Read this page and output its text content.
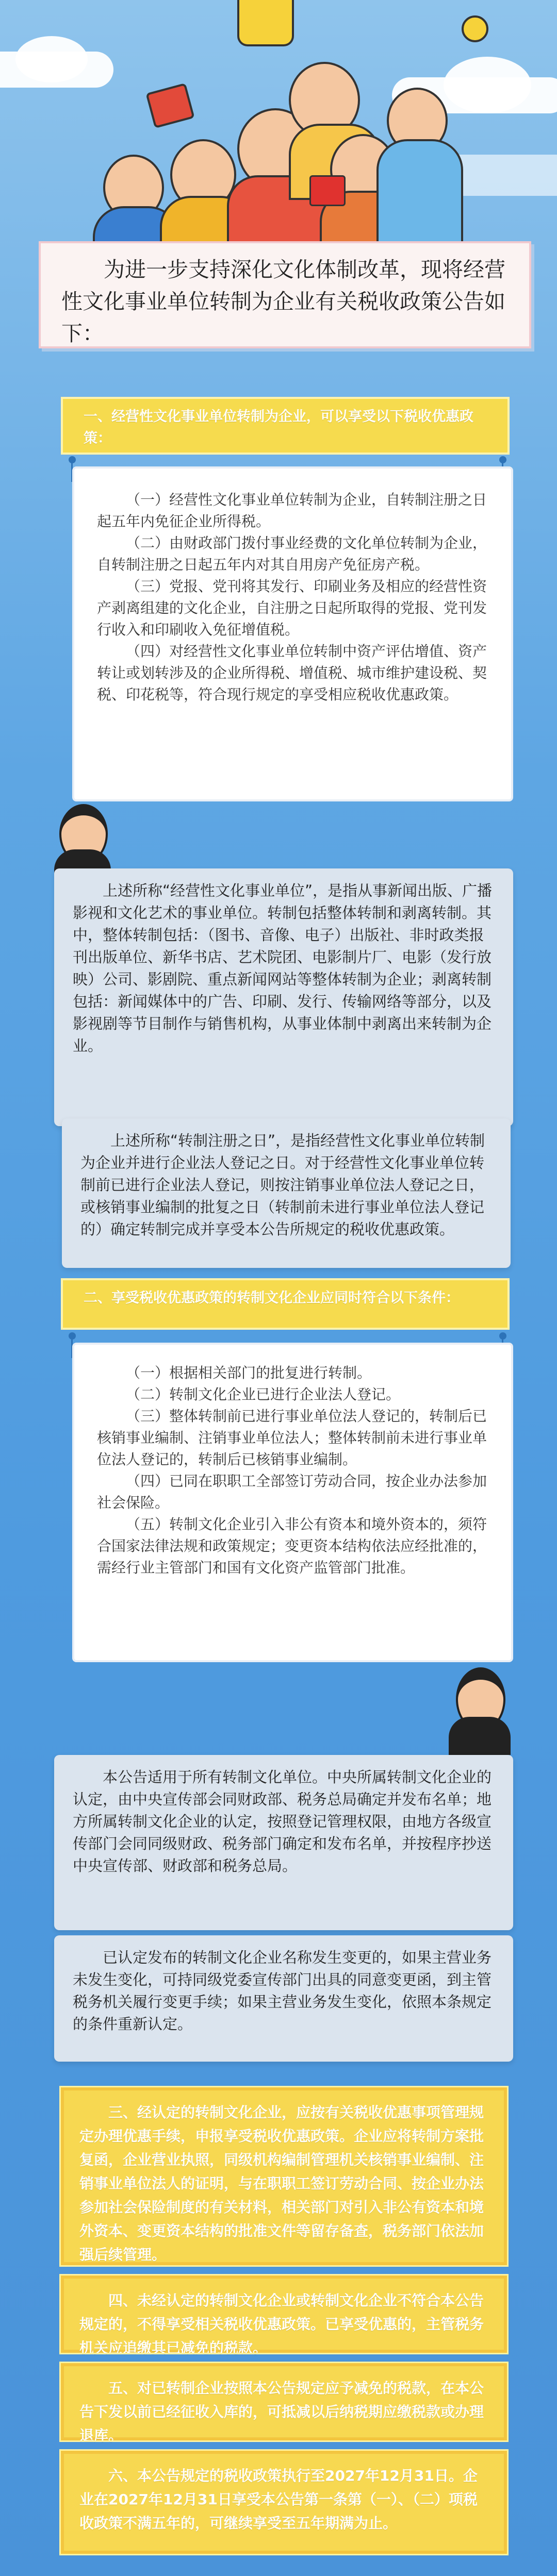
为进一步支持深化文化体制改革，现将经营性文化事业单位转制为企业有关税收政策公告如下：
一、经营性文化事业单位转制为企业，可以享受以下税收优惠政策：

（一）经营性文化事业单位转制为企业，自转制注册之日起五年内免征企业所得税。

（二）由财政部门拨付事业经费的文化单位转制为企业，自转制注册之日起五年内对其自用房产免征房产税。

（三）党报、党刊将其发行、印刷业务及相应的经营性资产剥离组建的文化企业，自注册之日起所取得的党报、党刊发行收入和印刷收入免征增值税。

（四）对经营性文化事业单位转制中资产评估增值、资产转让或划转涉及的企业所得税、增值税、城市维护建设税、契税、印花税等，符合现行规定的享受相应税收优惠政策。

上述所称“经营性文化事业单位”，是指从事新闻出版、广播影视和文化艺术的事业单位。转制包括整体转制和剥离转制。其中，整体转制包括：（图书、音像、电子）出版社、非时政类报刊出版单位、新华书店、艺术院团、电影制片厂、电影（发行放映）公司、影剧院、重点新闻网站等整体转制为企业；剥离转制包括：新闻媒体中的广告、印刷、发行、传输网络等部分，以及影视剧等节目制作与销售机构，从事业体制中剥离出来转制为企业。

上述所称“转制注册之日”，是指经营性文化事业单位转制为企业并进行企业法人登记之日。对于经营性文化事业单位转制前已进行企业法人登记，则按注销事业单位法人登记之日，或核销事业编制的批复之日（转制前未进行事业单位法人登记的）确定转制完成并享受本公告所规定的税收优惠政策。

二、享受税收优惠政策的转制文化企业应同时符合以下条件：

（一）根据相关部门的批复进行转制。

（二）转制文化企业已进行企业法人登记。

（三）整体转制前已进行事业单位法人登记的，转制后已核销事业编制、注销事业单位法人；整体转制前未进行事业单位法人登记的，转制后已核销事业编制。

（四）已同在职职工全部签订劳动合同，按企业办法参加社会保险。

（五）转制文化企业引入非公有资本和境外资本的，须符合国家法律法规和政策规定；变更资本结构依法应经批准的，需经行业主管部门和国有文化资产监管部门批准。

本公告适用于所有转制文化单位。中央所属转制文化企业的认定，由中央宣传部会同财政部、税务总局确定并发布名单；地方所属转制文化企业的认定，按照登记管理权限，由地方各级宣传部门会同同级财政、税务部门确定和发布名单，并按程序抄送中央宣传部、财政部和税务总局。

已认定发布的转制文化企业名称发生变更的，如果主营业务未发生变化，可持同级党委宣传部门出具的同意变更函，到主管税务机关履行变更手续；如果主营业务发生变化，依照本条规定的条件重新认定。

三、经认定的转制文化企业，应按有关税收优惠事项管理规定办理优惠手续，申报享受税收优惠政策。企业应将转制方案批复函，企业营业执照，同级机构编制管理机关核销事业编制、注销事业单位法人的证明，与在职职工签订劳动合同、按企业办法参加社会保险制度的有关材料，相关部门对引入非公有资本和境外资本、变更资本结构的批准文件等留存备查，税务部门依法加强后续管理。
四、未经认定的转制文化企业或转制文化企业不符合本公告规定的，不得享受相关税收优惠政策。已享受优惠的，主管税务机关应追缴其已减免的税款。
五、对已转制企业按照本公告规定应予减免的税款，在本公告下发以前已经征收入库的，可抵减以后纳税期应缴税款或办理退库。
六、本公告规定的税收政策执行至2027年12月31日。企业在2027年12月31日享受本公告第一条第（一）、（二）项税收政策不满五年的，可继续享受至五年期满为止。
